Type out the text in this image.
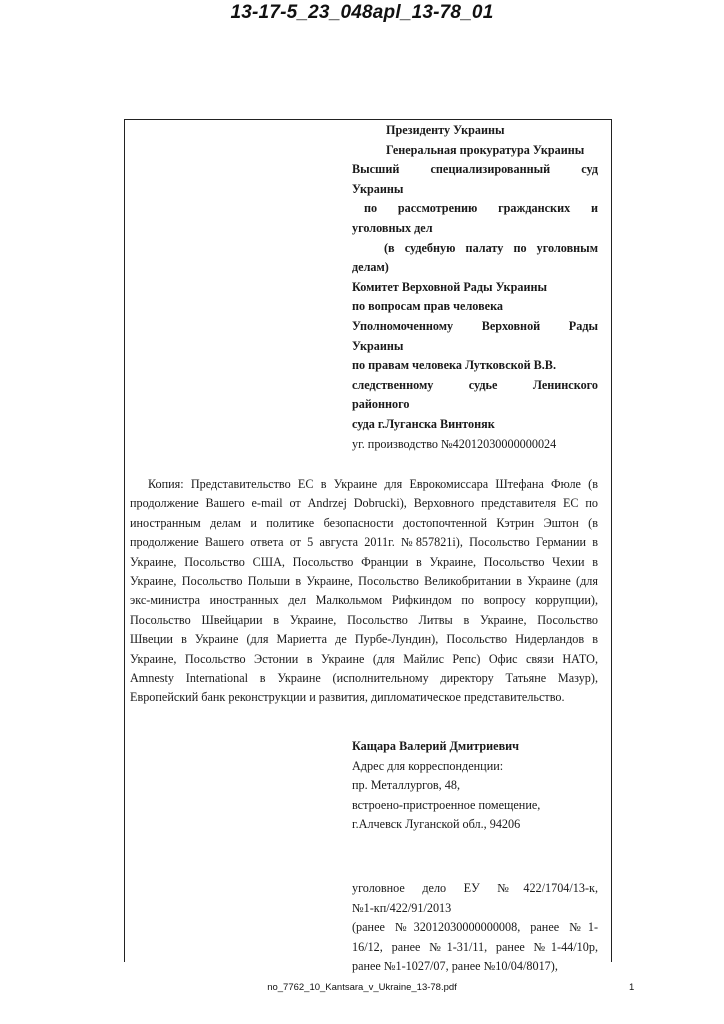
13-17-5_23_048apl_13-78_01
Президенту Украины
Генеральная прокуратура Украины
Высший специализированный суд
Украины
по рассмотрению гражданских и
уголовных дел
(в судебную палату по уголовным
делам)
Комитет Верховной Рады Украины
по вопросам прав человека
Уполномоченному Верховной Рады
Украины
по правам человека Лутковской В.В.
следственному судье Ленинского
районного
суда г.Луганска Винтоняк
уг. производство №42012030000000024
Копия: Представительство ЕС в Украине для Еврокомиссара Штефана Фюле (в
продолжение Вашего e-mail от Andrzej Dobrucki), Верховного представителя ЕС по
иностранным делам и политике безопасности достопочтенной Кэтрин Эштон (в
продолжение Вашего ответа от 5 августа 2011г. №857821i), Посольство Германии в
Украине, Посольство США, Посольство Франции в Украине, Посольство Чехии в
Украине, Посольство Польши в Украине, Посольство Великобритании в Украине (для
экс-министра иностранных дел Малкольмом Рифкиндом по вопросу коррупции),
Посольство Швейцарии в Украине, Посольство Литвы в Украине, Посольство
Швеции в Украине (для Мариетта де Пурбе-Лундин), Посольство Нидерландов в
Украине, Посольство Эстонии в Украине (для Майлис Репс) Офис связи НАТО,
Amnesty International в Украине (исполнительному директору Татьяне Мазур),
Европейский банк реконструкции и развития, дипломатическое представительство.
Кащара Валерий Дмитриевич
Адрес для корреспонденции:
пр. Металлургов, 48,
встроено-пристроенное помещение,
г.Алчевск Луганской обл., 94206
уголовное дело ЕУ №422/1704/13-к,
№1-кп/422/91/2013
(ранее №32012030000000008, ранее №1-
16/12, ранее №1-31/11, ранее №1-44/10р,
ранее №1-1027/07, ранее №10/04/8017),
no_7762_10_Kantsara_v_Ukraine_13-78.pdf	1
